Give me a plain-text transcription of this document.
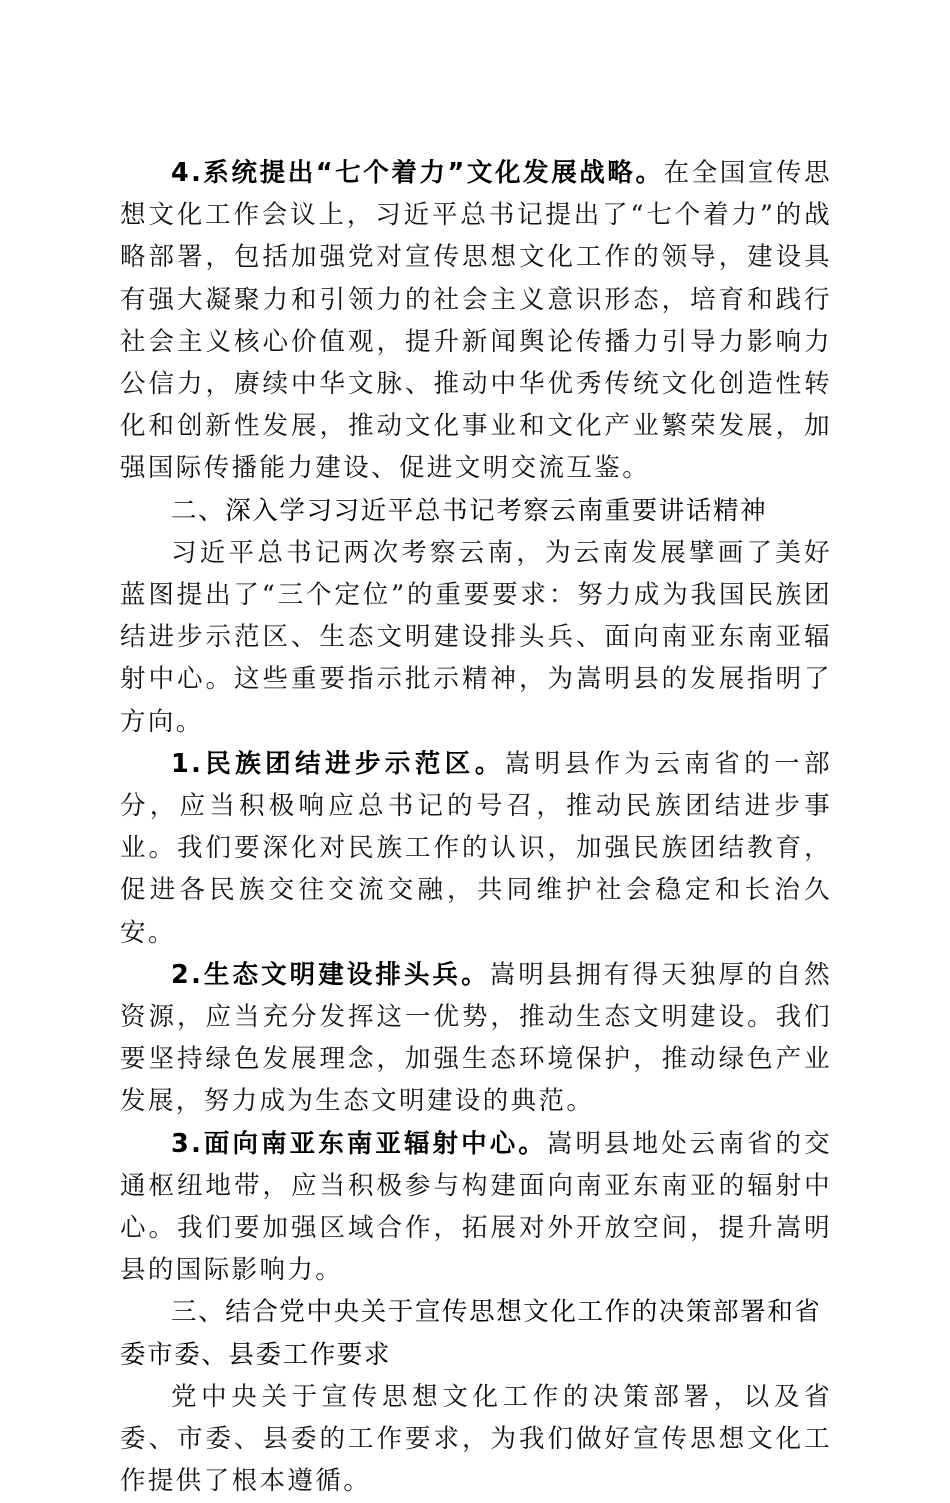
4.系统提出“七个着力”文化发展战略。在全国宣传思想文化工作会议上，习近平总书记提出了“七个着力”的战略部署，包括加强党对宣传思想文化工作的领导，建设具有强大凝聚力和引领力的社会主义意识形态，培育和践行社会主义核心价值观，提升新闻舆论传播力引导力影响力公信力，赓续中华文脉、推动中华优秀传统文化创造性转化和创新性发展，推动文化事业和文化产业繁荣发展，加强国际传播能力建设、促进文明交流互鉴。

二、深入学习习近平总书记考察云南重要讲话精神

习近平总书记两次考察云南，为云南发展擘画了美好蓝图提出了“三个定位”的重要要求：努力成为我国民族团结进步示范区、生态文明建设排头兵、面向南亚东南亚辐射中心。这些重要指示批示精神，为嵩明县的发展指明了方向。

1.民族团结进步示范区。嵩明县作为云南省的一部分，应当积极响应总书记的号召，推动民族团结进步事业。我们要深化对民族工作的认识，加强民族团结教育，促进各民族交往交流交融，共同维护社会稳定和长治久安。

2.生态文明建设排头兵。嵩明县拥有得天独厚的自然资源，应当充分发挥这一优势，推动生态文明建设。我们要坚持绿色发展理念，加强生态环境保护，推动绿色产业发展，努力成为生态文明建设的典范。

3.面向南亚东南亚辐射中心。嵩明县地处云南省的交通枢纽地带，应当积极参与构建面向南亚东南亚的辐射中心。我们要加强区域合作，拓展对外开放空间，提升嵩明县的国际影响力。

三、结合党中央关于宣传思想文化工作的决策部署和省委市委、县委工作要求

党中央关于宣传思想文化工作的决策部署，以及省委、市委、县委的工作要求，为我们做好宣传思想文化工作提供了根本遵循。
